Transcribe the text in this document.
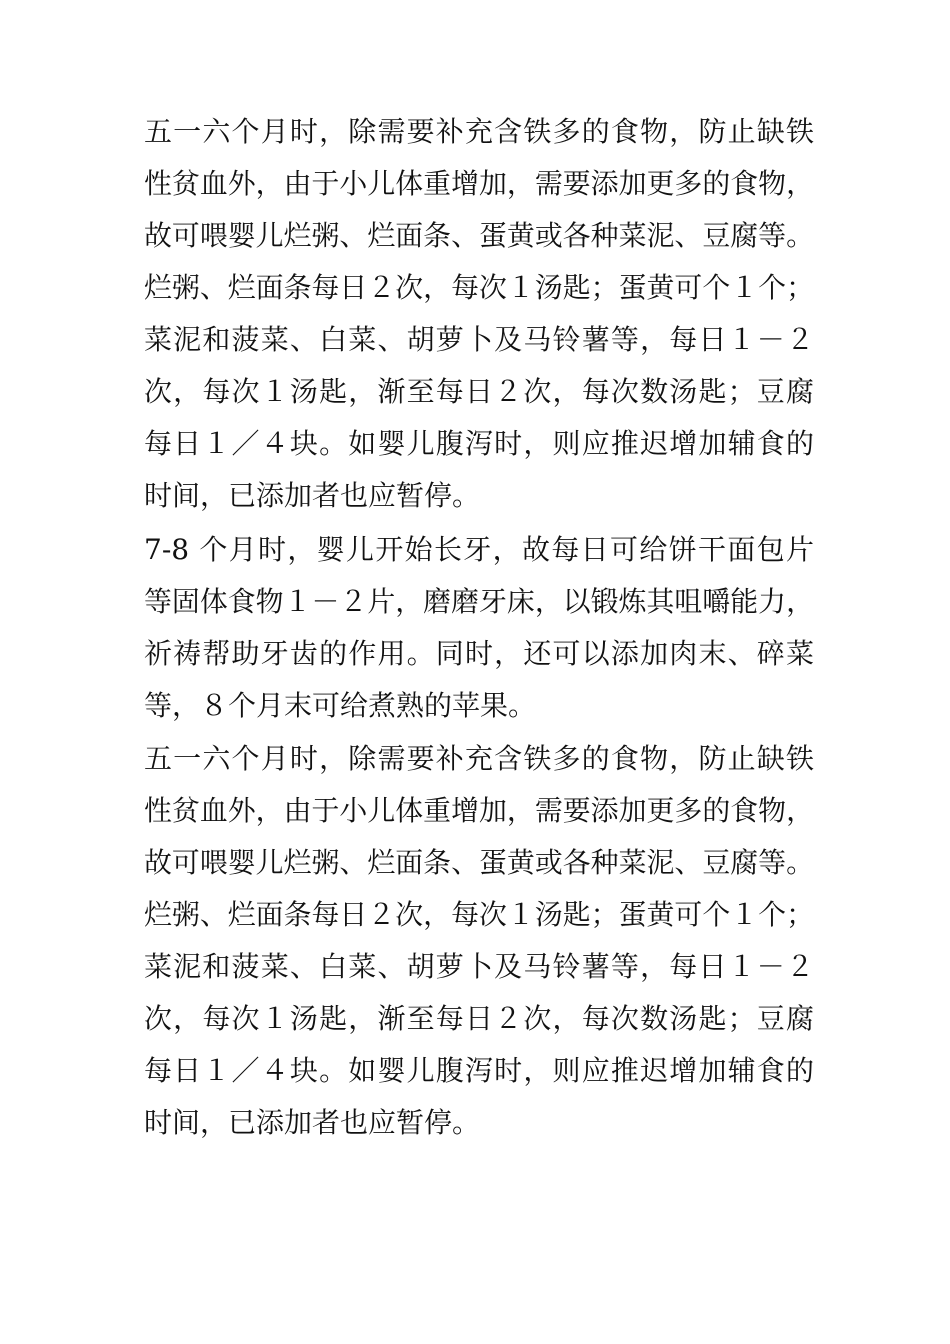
五一六个月时，除需要补充含铁多的食物，防止缺铁
性贫血外，由于小儿体重增加，需要添加更多的食物，
故可喂婴儿烂粥、烂面条、蛋黄或各种菜泥、豆腐等。
烂粥、烂面条每日２次，每次１汤匙；蛋黄可个１个；
菜泥和菠菜、白菜、胡萝卜及马铃薯等，每日１－２
次，每次１汤匙，渐至每日２次，每次数汤匙；豆腐
每日１／４块。如婴儿腹泻时，则应推迟增加辅食的
时间，已添加者也应暂停。
7-8 个月时，婴儿开始长牙，故每日可给饼干面包片
等固体食物１－２片，磨磨牙床，以锻炼其咀嚼能力，
祈祷帮助牙齿的作用。同时，还可以添加肉末、碎菜
等，８个月末可给煮熟的苹果。
五一六个月时，除需要补充含铁多的食物，防止缺铁
性贫血外，由于小儿体重增加，需要添加更多的食物，
故可喂婴儿烂粥、烂面条、蛋黄或各种菜泥、豆腐等。
烂粥、烂面条每日２次，每次１汤匙；蛋黄可个１个；
菜泥和菠菜、白菜、胡萝卜及马铃薯等，每日１－２
次，每次１汤匙，渐至每日２次，每次数汤匙；豆腐
每日１／４块。如婴儿腹泻时，则应推迟增加辅食的
时间，已添加者也应暂停。
